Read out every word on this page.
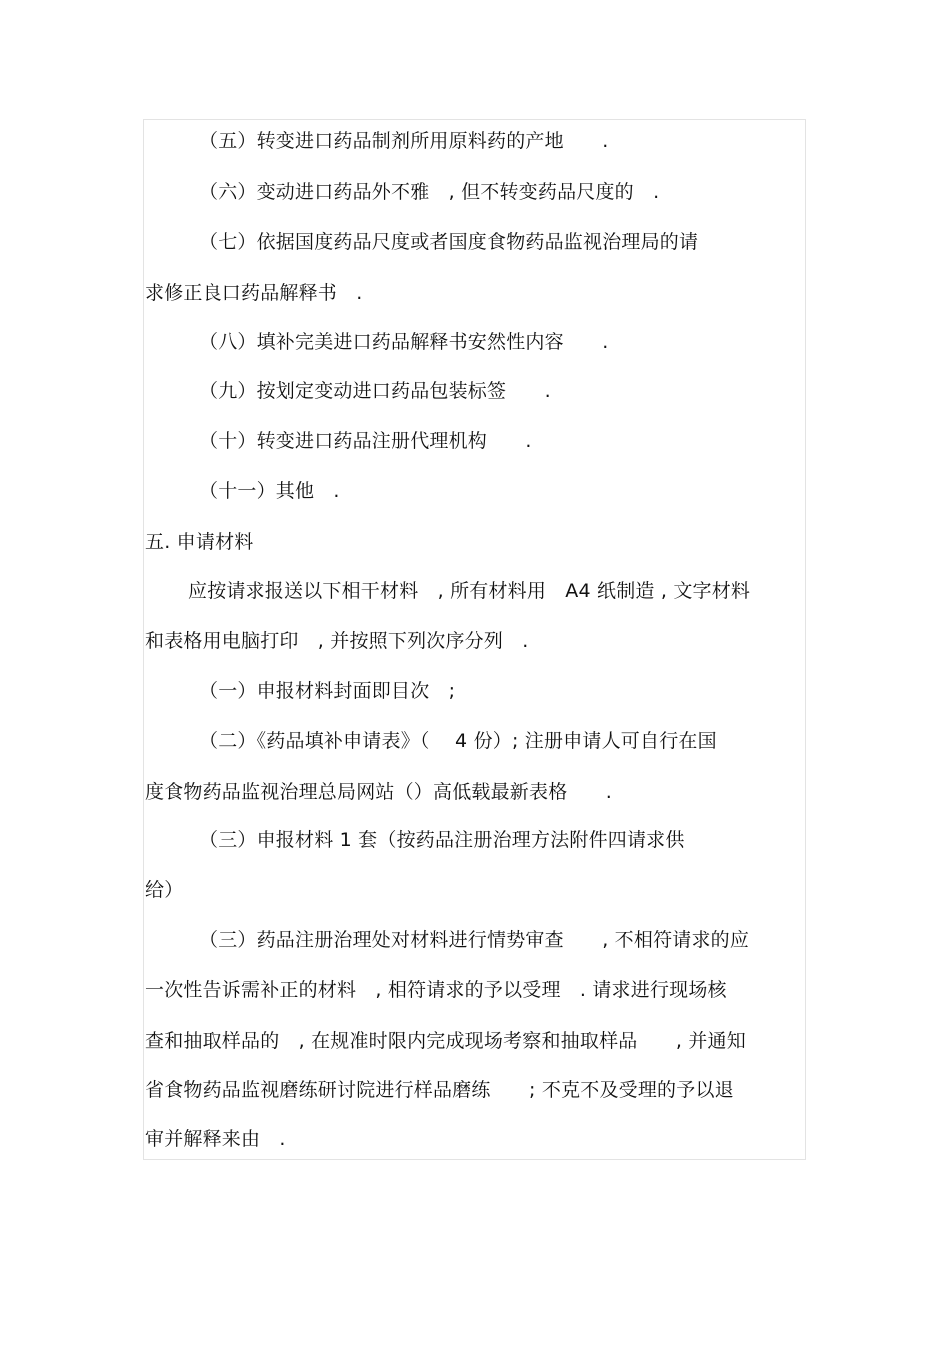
（五）转变进口药品制剂所用原料药的产地　　.
（六）变动进口药品外不雅　, 但不转变药品尺度的　.
（七）依据国度药品尺度或者国度食物药品监视治理局的请
求修正良口药品解释书　.
（八）填补完美进口药品解释书安然性内容　　.
（九）按划定变动进口药品包装标签　　.
（十）转变进口药品注册代理机构　　.
（十一）其他　.
五. 申请材料
应按请求报送以下相干材料　, 所有材料用　A4 纸制造 , 文字材料
和表格用电脑打印　, 并按照下列次序分列　.
（一）申报材料封面即目次　;
（二）《药品填补申请表》（　 4 份）; 注册申请人可自行在国
度食物药品监视治理总局网站（）高低载最新表格　　.
（三）申报材料 1 套（按药品注册治理方法附件四请求供
给）
（三）药品注册治理处对材料进行情势审查　　, 不相符请求的应
一次性告诉需补正的材料　, 相符请求的予以受理　. 请求进行现场核
查和抽取样品的　, 在规准时限内完成现场考察和抽取样品　　, 并通知
省食物药品监视磨练研讨院进行样品磨练　　; 不克不及受理的予以退
审并解释来由　.
